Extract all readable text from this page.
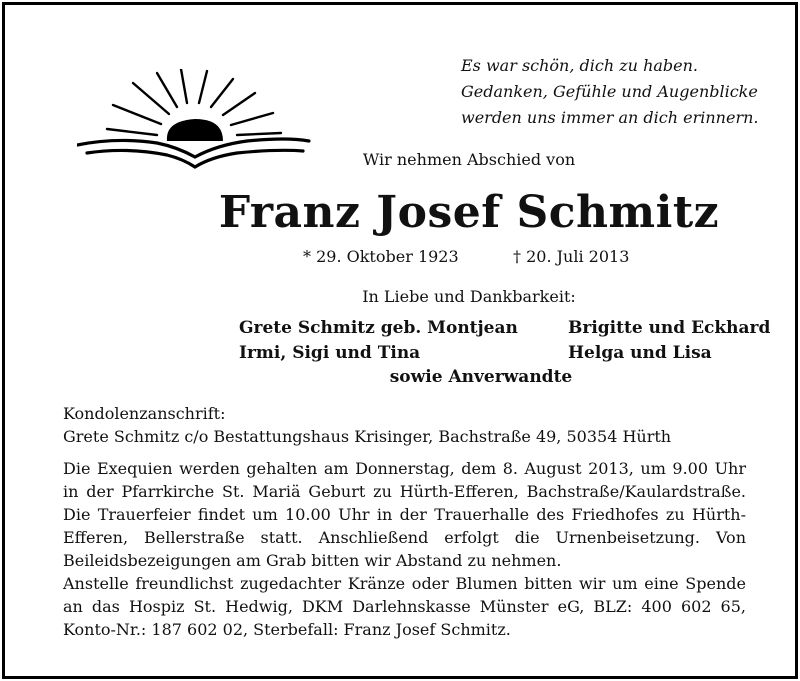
Es war schön, dich zu haben.
Gedanken, Gefühle und Augenblicke
werden uns immer an dich erinnern.
Wir nehmen Abschied von
Franz Josef Schmitz
* 29. Oktober 1923	† 20. Juli 2013
In Liebe und Dankbarkeit:
Grete Schmitz geb. Montjean	Brigitte und Eckhard
Irmi, Sigi und Tina	Helga und Lisa
sowie Anverwandte
Kondolenzanschrift:
Grete Schmitz c/o Bestattungshaus Krisinger, Bachstraße 49, 50354 Hürth

Die Exequien werden gehalten am Donnerstag, dem 8. August 2013, um 9.00 Uhr in der Pfarrkirche St. Mariä Geburt zu Hürth-Efferen, Bachstraße/Kaulardstraße. Die Trauerfeier findet um 10.00 Uhr in der Trauerhalle des Friedhofes zu Hürth-Efferen, Bellerstraße statt. Anschließend erfolgt die Urnenbeisetzung. Von Beileidsbezeigungen am Grab bitten wir Abstand zu nehmen.

Anstelle freundlichst zugedachter Kränze oder Blumen bitten wir um eine Spende an das Hospiz St. Hedwig, DKM Darlehnskasse Münster eG, BLZ: 400 602 65, Konto-Nr.: 187 602 02, Sterbefall: Franz Josef Schmitz.
